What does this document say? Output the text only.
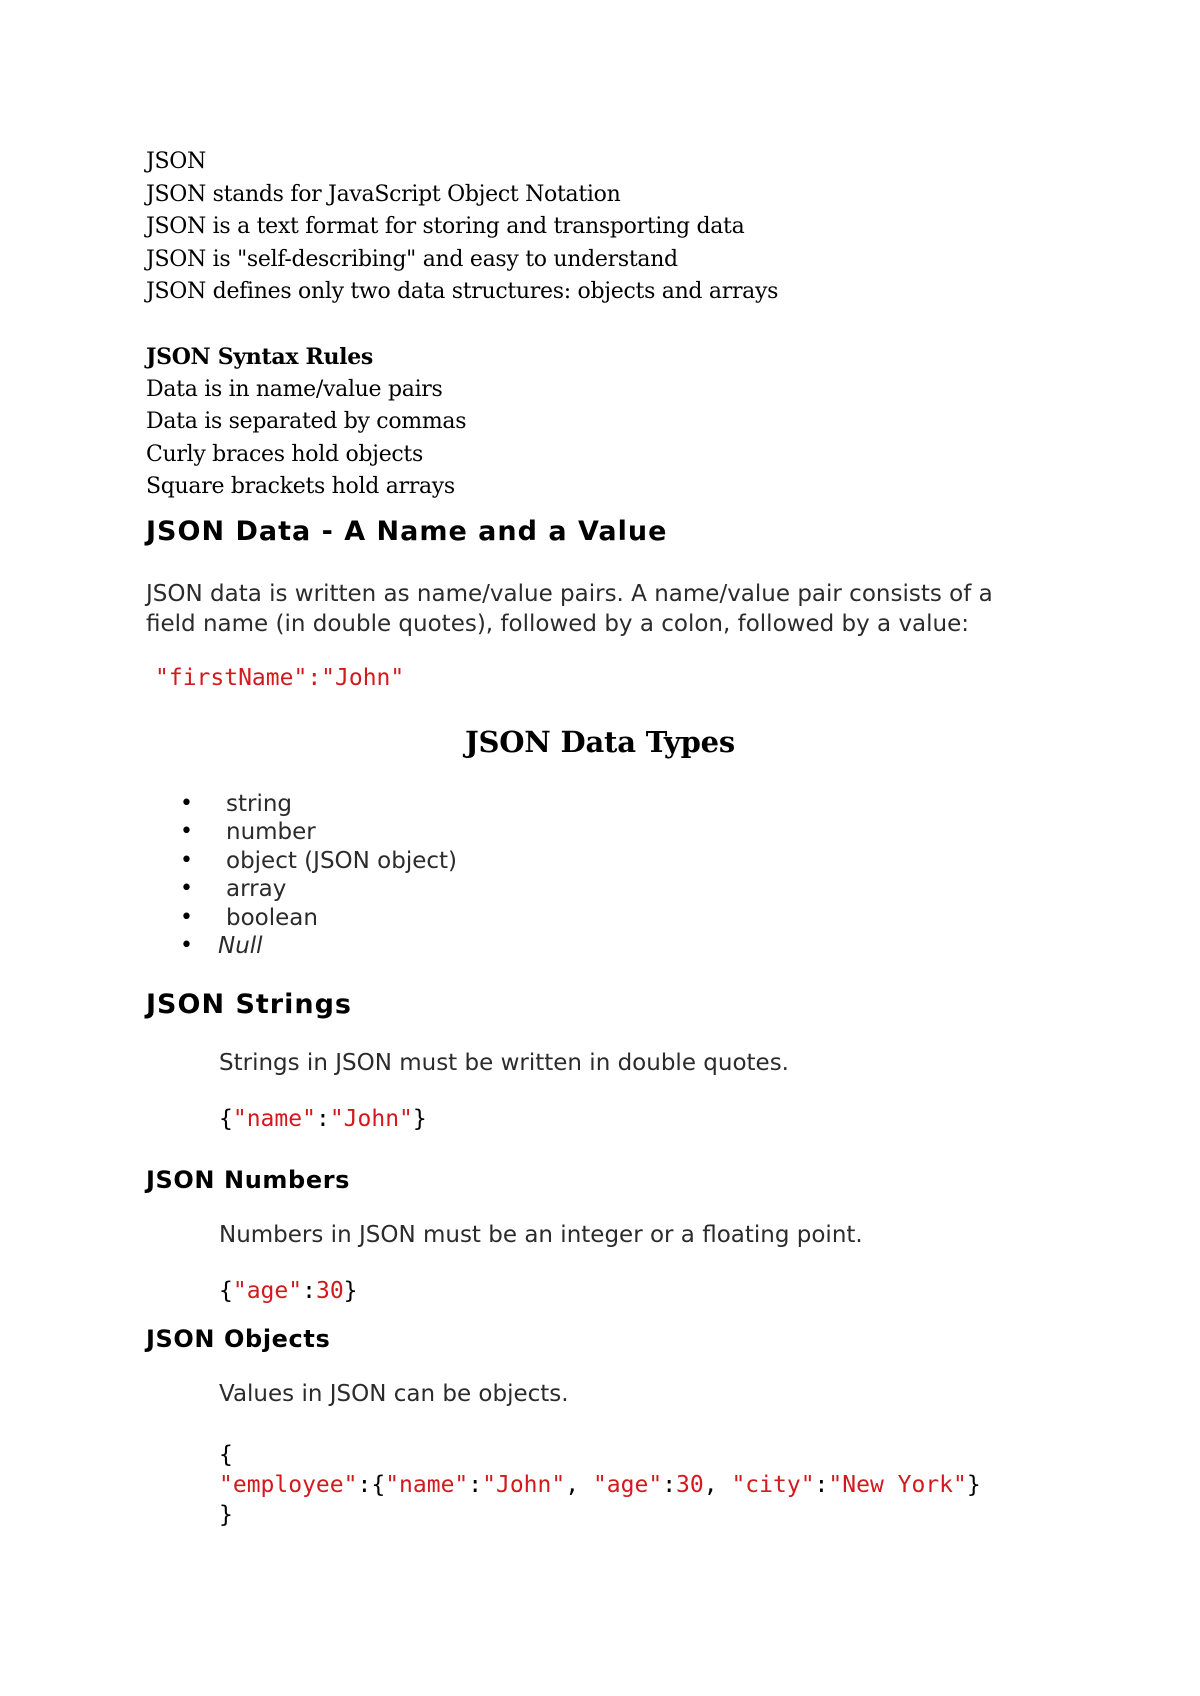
JSON
JSON stands for JavaScript Object Notation
JSON is a text format for storing and transporting data
JSON is "self-describing" and easy to understand
JSON defines only two data structures: objects and arrays
JSON Syntax Rules
Data is in name/value pairs
Data is separated by commas
Curly braces hold objects
Square brackets hold arrays
JSON Data - A Name and a Value
JSON data is written as name/value pairs. A name/value pair consists of a
field name (in double quotes), followed by a colon, followed by a value:
"firstName":"John"
JSON Data Types
• string
• number
• object (JSON object)
• array
• boolean
• Null
JSON Strings
Strings in JSON must be written in double quotes.
{"name":"John"}
JSON Numbers
Numbers in JSON must be an integer or a floating point.
{"age":30}
JSON Objects
Values in JSON can be objects.
{
"employee":{"name":"John", "age":30, "city":"New York"}
}
